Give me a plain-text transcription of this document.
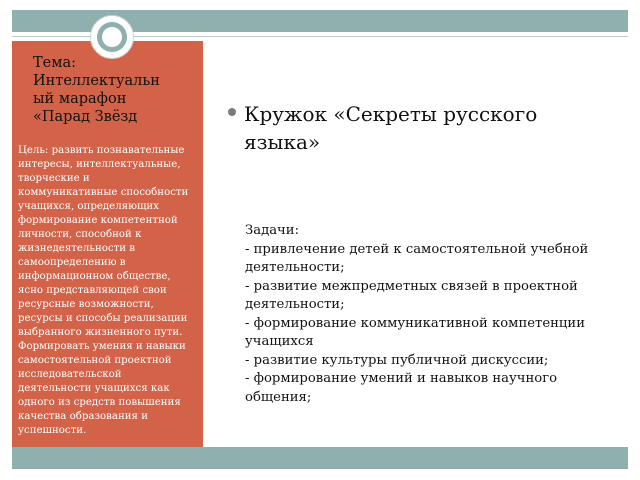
Тема:
Интеллектуальн
ый марафон
«Парад Звёзд

Цель: развить познавательные
интересы, интеллектуальные,
творческие и
коммуникативные способности
учащихся, определяющих
формирование компетентной
личности, способной к
жизнедеятельности в
самоопределению в
информационном обществе,
ясно представляющей свои
ресурсные возможности,
ресурсы и способы реализации
выбранного жизненного пути.
Формировать умения и навыки
самостоятельной проектной
исследовательской
деятельности учащихся как
одного из средств повышения
качества образования и
успешности.

Кружок «Секреты русского
языка»

Задачи:
- привлечение детей к самостоятельной учебной деятельности;
- развитие межпредметных связей в проектной деятельности;
- формирование коммуникативной компетенции учащихся
- развитие культуры публичной дискуссии;
- формирование умений и навыков научного общения;
